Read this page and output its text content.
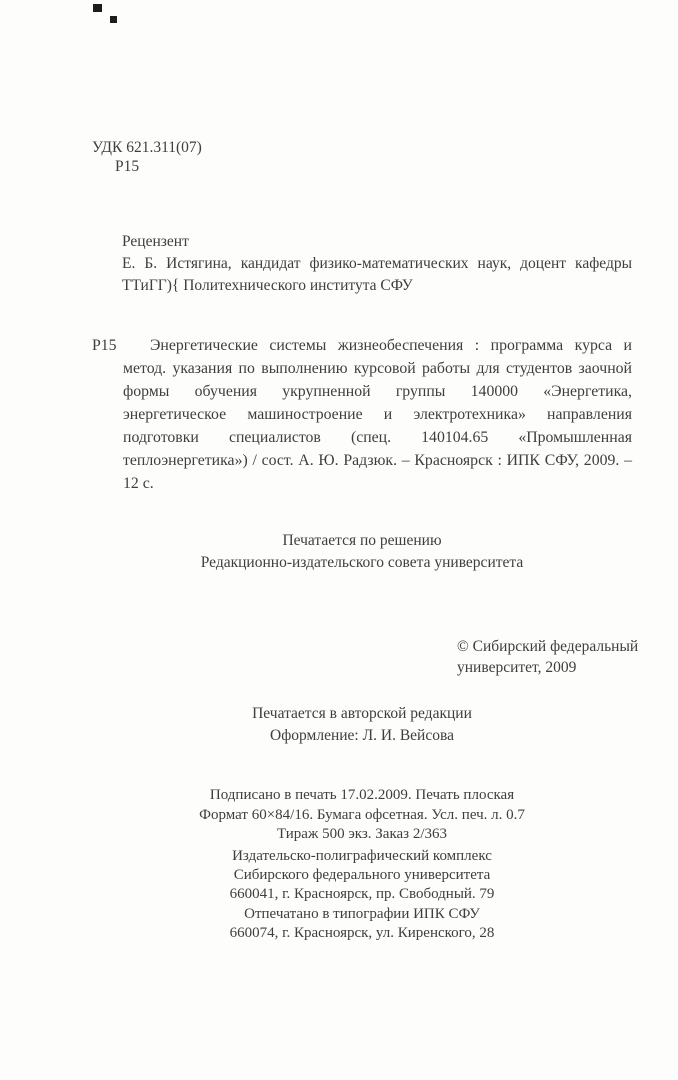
УДК 621.311(07)
Р15
Рецензент
Е. Б. Истягина, кандидат физико-математических наук, доцент кафедры ТТиГГ){ Политехнического института СФУ
Р15	Энергетические системы жизнеобеспечения : программа курса и метод. указания по выполнению курсовой работы для студентов заочной формы обучения укрупненной группы 140000 «Энергетика, энергетическое машиностроение и электротехника» направления подготовки специалистов (спец. 140104.65 «Промышленная теплоэнергетика») / сост. А. Ю. Радзюк. – Красноярск : ИПК СФУ, 2009. – 12 с.
Печатается по решению
Редакционно-издательского совета университета
© Сибирский федеральный
университет, 2009
Печатается в авторской редакции
Оформление: Л. И. Вейсова
Подписано в печать 17.02.2009. Печать плоская
Формат 60×84/16. Бумага офсетная. Усл. печ. л. 0.7
Тираж 500 экз. Заказ 2/363
Издательско-полиграфический комплекс
Сибирского федерального университета
660041, г. Красноярск, пр. Свободный. 79
Отпечатано в типографии ИПК СФУ
660074, г. Красноярск, ул. Киренского, 28
